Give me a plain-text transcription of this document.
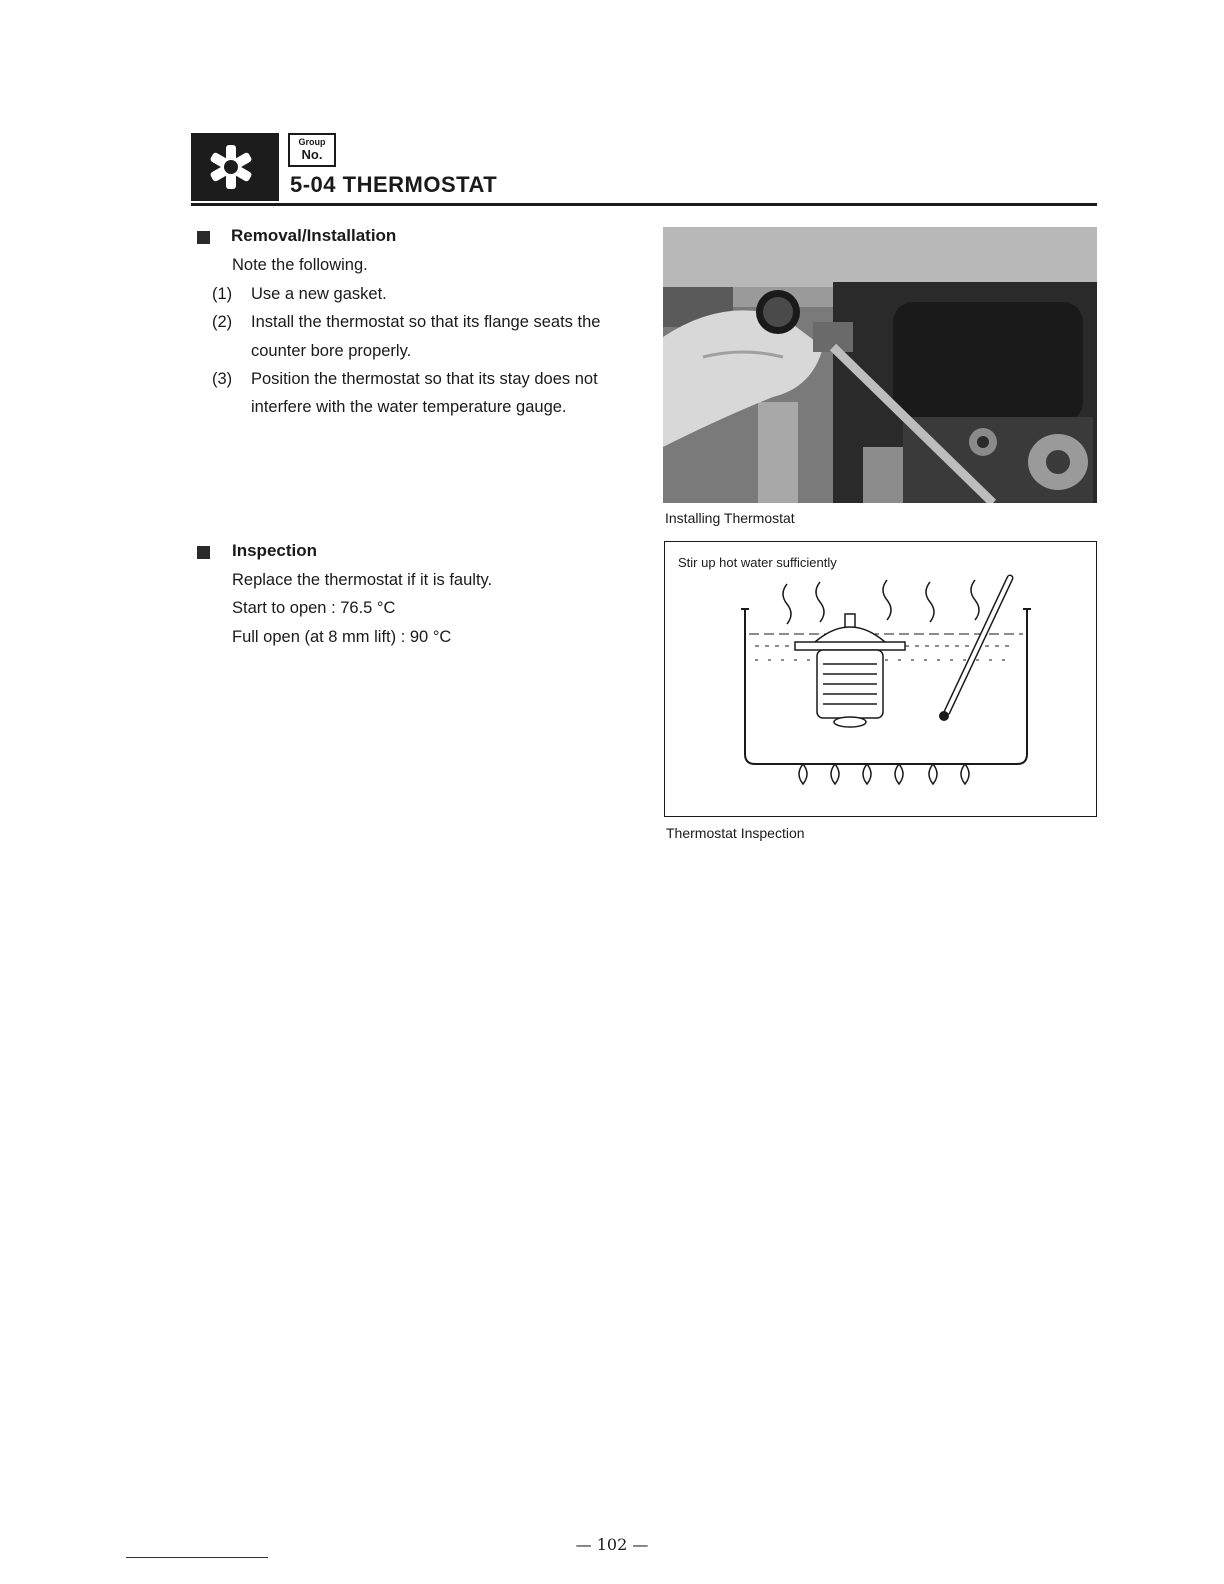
Group
No.
5-04 THERMOSTAT
Removal/Installation
Note the following.
(1) Use a new gasket.
(2) Install the thermostat so that its flange seats the
counter bore properly.
(3) Position the thermostat so that its stay does not
interfere with the water temperature gauge.
Inspection
Replace the thermostat if it is faulty.
Start to open : 76.5 °C
Full open (at 8 mm lift) : 90 °C
Installing Thermostat
Stir up hot water sufficiently
Thermostat Inspection
— 102 —
